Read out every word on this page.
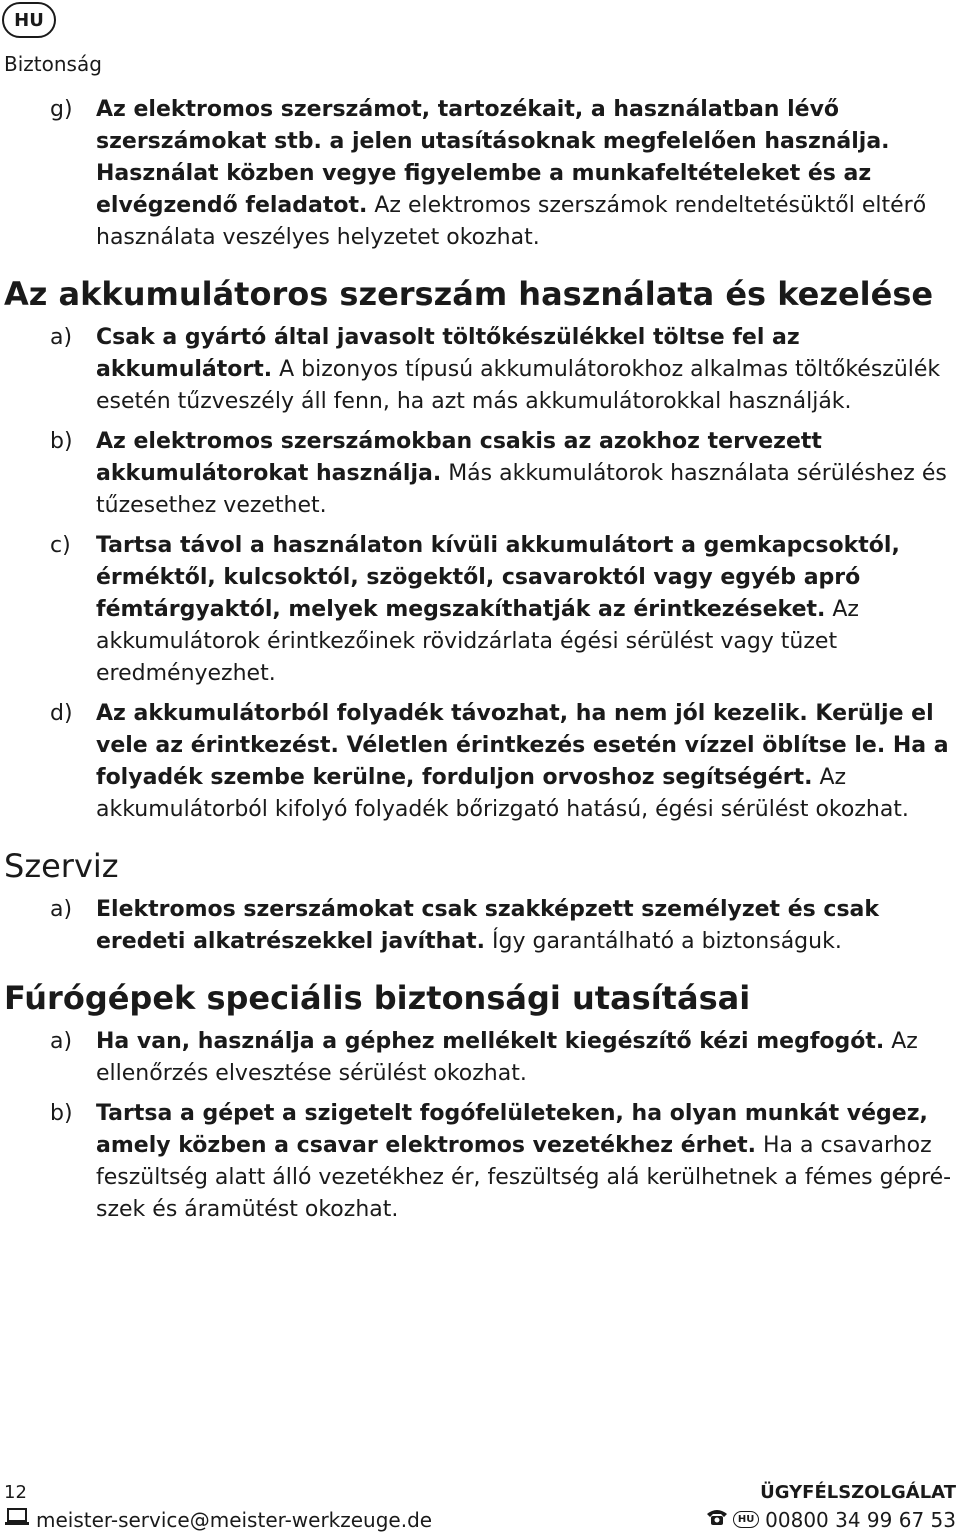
HU
Biztonság
g)	Az elektromos szerszámot, tartozékait, a használatban lévő szerszámokat stb. a jelen utasításoknak megfelelően használja. Használat közben vegye figyelembe a munkafeltételeket és az elvégzendő feladatot. Az elektromos szerszámok rendeltetésüktől eltérő használata veszélyes helyzetet okozhat.
Az akkumulátoros szerszám használata és kezelése
a)	Csak a gyártó által javasolt töltőkészülékkel töltse fel az akkumulátort. A bizonyos típusú akkumulátorokhoz alkalmas töltőkészülék esetén tűzveszély áll fenn, ha azt más akkumulátorokkal használják.
b)	Az elektromos szerszámokban csakis az azokhoz tervezett akkumulátorokat használja. Más akkumulátorok használata sérüléshez és tűzesethez vezethet.
c)	Tartsa távol a használaton kívüli akkumulátort a gemkapcsoktól, érméktől, kulcsoktól, szögektől, csavaroktól vagy egyéb apró fémtárgyaktól, melyek megszakíthatják az érintkezéseket. Az akkumulátorok érintkezőinek rövidzárlata égési sérülést vagy tüzet eredményezhet.
d)	Az akkumulátorból folyadék távozhat, ha nem jól kezelik. Kerülje el vele az érintkezést. Véletlen érintkezés esetén vízzel öblítse le. Ha a folyadék szembe kerülne, forduljon orvoshoz segítségért. Az akkumulátorból kifolyó folyadék bőrizgató hatású, égési sérülést okozhat.
Szerviz
a)	Elektromos szerszámokat csak szakképzett személyzet és csak eredeti alkatrészekkel javíthat. Így garantálható a biztonságuk.
Fúrógépek speciális biztonsági utasításai
a)	Ha van, használja a géphez mellékelt kiegészítő kézi megfogót. Az ellenőrzés elvesztése sérülést okozhat.
b)	Tartsa a gépet a szigetelt fogófelületeken, ha olyan munkát végez, amely közben a csavar elektromos vezetékhez érhet. Ha a csavarhoz feszültség alatt álló vezetékhez ér, feszültség alá kerülhetnek a fémes géprészek és áramütést okozhat.
12	ÜGYFÉLSZOLGÁLAT
meister-service@meister-werkzeuge.de	HU 00800 34 99 67 53
